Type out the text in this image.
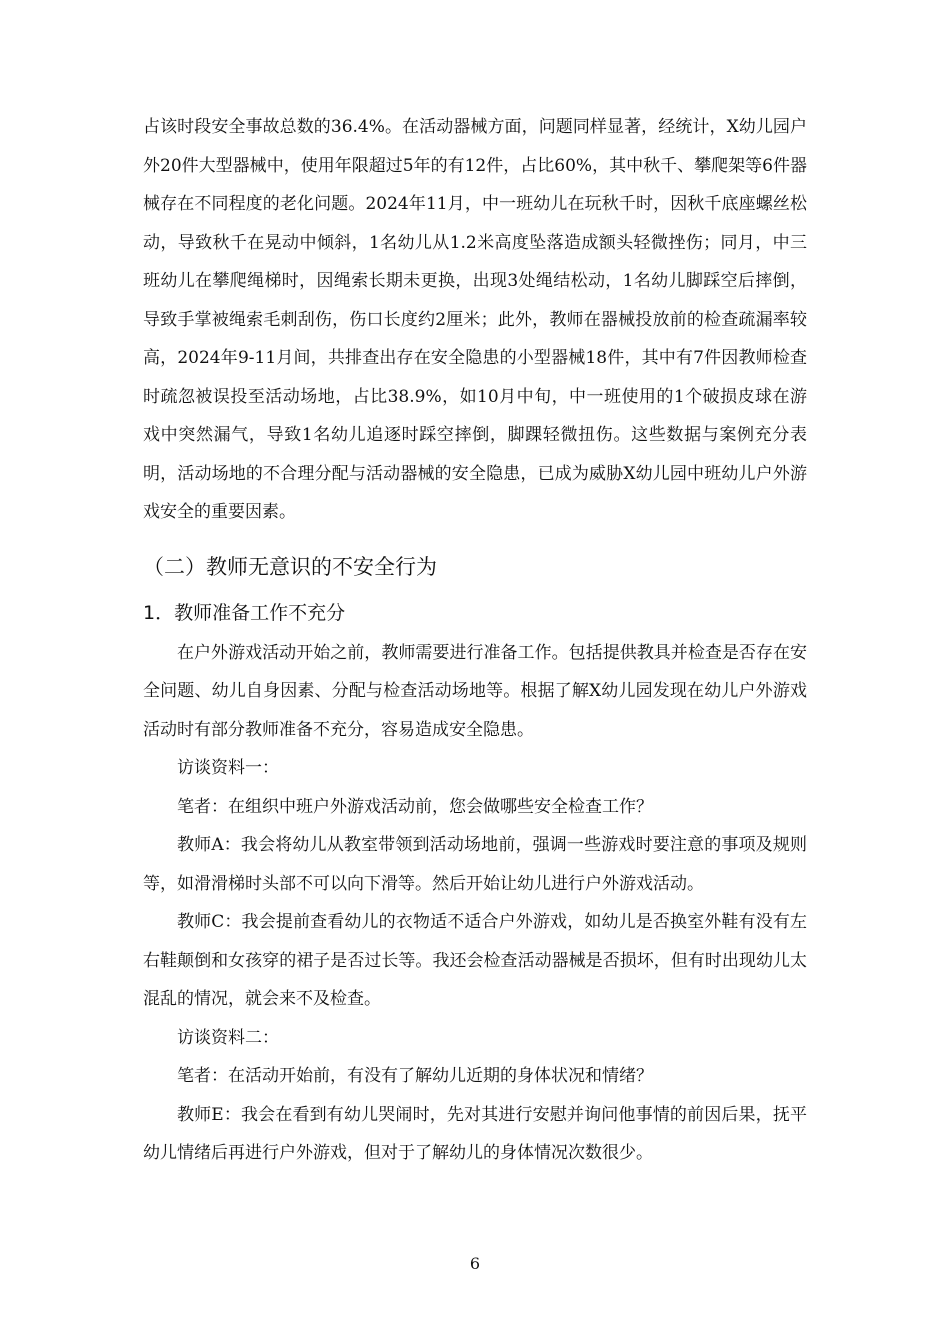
占该时段安全事故总数的36.4%。在活动器械方面，问题同样显著，经统计，X幼儿园户外20件大型器械中，使用年限超过5年的有12件，占比60%，其中秋千、攀爬架等6件器械存在不同程度的老化问题。2024年11月，中一班幼儿在玩秋千时，因秋千底座螺丝松动，导致秋千在晃动中倾斜，1名幼儿从1.2米高度坠落造成额头轻微挫伤；同月，中三班幼儿在攀爬绳梯时，因绳索长期未更换，出现3处绳结松动，1名幼儿脚踩空后摔倒，导致手掌被绳索毛刺刮伤，伤口长度约2厘米；此外，教师在器械投放前的检查疏漏率较高，2024年9-11月间，共排查出存在安全隐患的小型器械18件，其中有7件因教师检查时疏忽被误投至活动场地，占比38.9%，如10月中旬，中一班使用的1个破损皮球在游戏中突然漏气，导致1名幼儿追逐时踩空摔倒，脚踝轻微扭伤。这些数据与案例充分表明，活动场地的不合理分配与活动器械的安全隐患，已成为威胁X幼儿园中班幼儿户外游戏安全的重要因素。

（二）教师无意识的不安全行为
1．教师准备工作不充分

在户外游戏活动开始之前，教师需要进行准备工作。包括提供教具并检查是否存在安全问题、幼儿自身因素、分配与检查活动场地等。根据了解X幼儿园发现在幼儿户外游戏活动时有部分教师准备不充分，容易造成安全隐患。

访谈资料一：

笔者：在组织中班户外游戏活动前，您会做哪些安全检查工作？

教师A：我会将幼儿从教室带领到活动场地前，强调一些游戏时要注意的事项及规则等，如滑滑梯时头部不可以向下滑等。然后开始让幼儿进行户外游戏活动。

教师C：我会提前查看幼儿的衣物适不适合户外游戏，如幼儿是否换室外鞋有没有左右鞋颠倒和女孩穿的裙子是否过长等。我还会检查活动器械是否损坏，但有时出现幼儿太混乱的情况，就会来不及检查。

访谈资料二：

笔者：在活动开始前，有没有了解幼儿近期的身体状况和情绪？

教师E：我会在看到有幼儿哭闹时，先对其进行安慰并询问他事情的前因后果，抚平幼儿情绪后再进行户外游戏，但对于了解幼儿的身体情况次数很少。

6
